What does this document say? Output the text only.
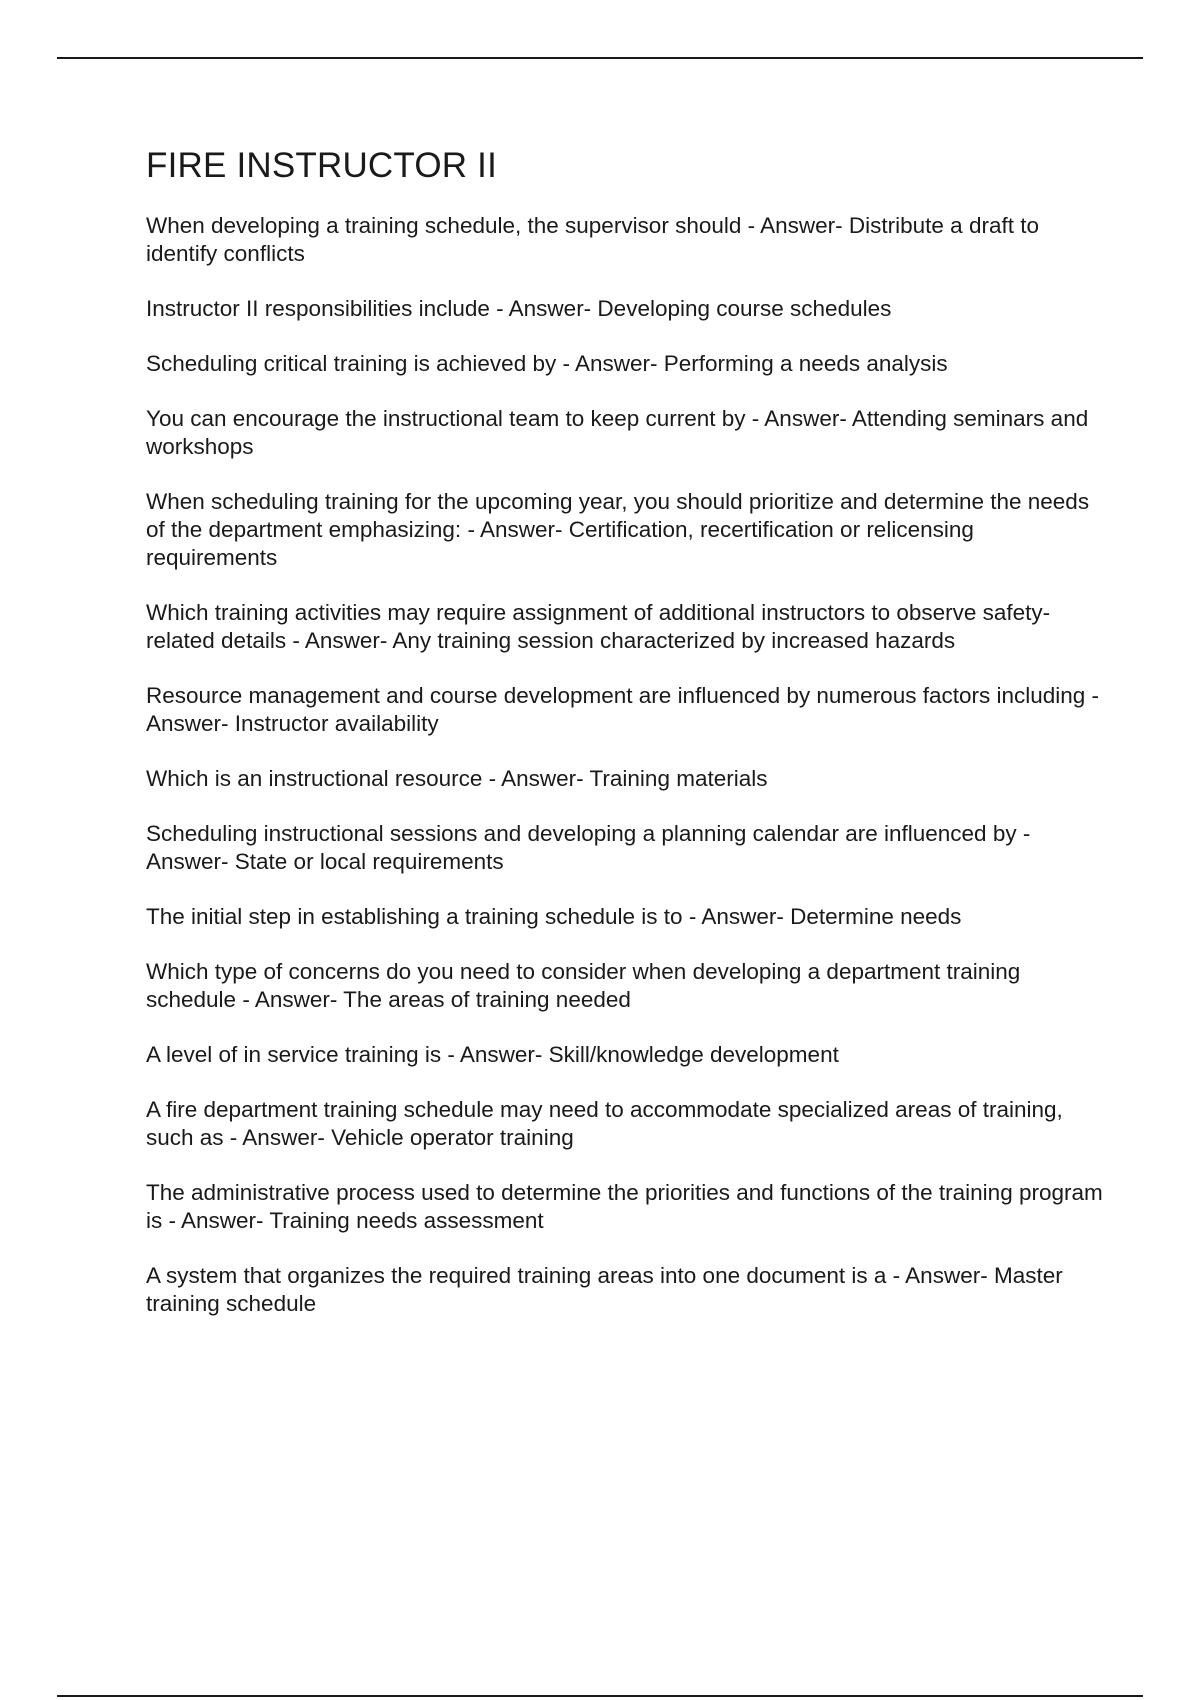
FIRE INSTRUCTOR II
When developing a training schedule, the supervisor should - Answer- Distribute a draft to identify conflicts
Instructor II responsibilities include - Answer- Developing course schedules
Scheduling critical training is achieved by - Answer- Performing a needs analysis
You can encourage the instructional team to keep current by - Answer- Attending seminars and workshops
When scheduling training for the upcoming year, you should prioritize and determine the needs of the department emphasizing: - Answer- Certification, recertification or relicensing requirements
Which training activities may require assignment of additional instructors to observe safety-related details - Answer- Any training session characterized by increased hazards
Resource management and course development are influenced by numerous factors including - Answer- Instructor availability
Which is an instructional resource - Answer- Training materials
Scheduling instructional sessions and developing a planning calendar are influenced by - Answer- State or local requirements
The initial step in establishing a training schedule is to - Answer- Determine needs
Which type of concerns do you need to consider when developing a department training schedule - Answer- The areas of training needed
A level of in service training is - Answer- Skill/knowledge development
A fire department training schedule may need to accommodate specialized areas of training, such as - Answer- Vehicle operator training
The administrative process used to determine the priorities and functions of the training program is - Answer- Training needs assessment
A system that organizes the required training areas into one document is a - Answer- Master training schedule
